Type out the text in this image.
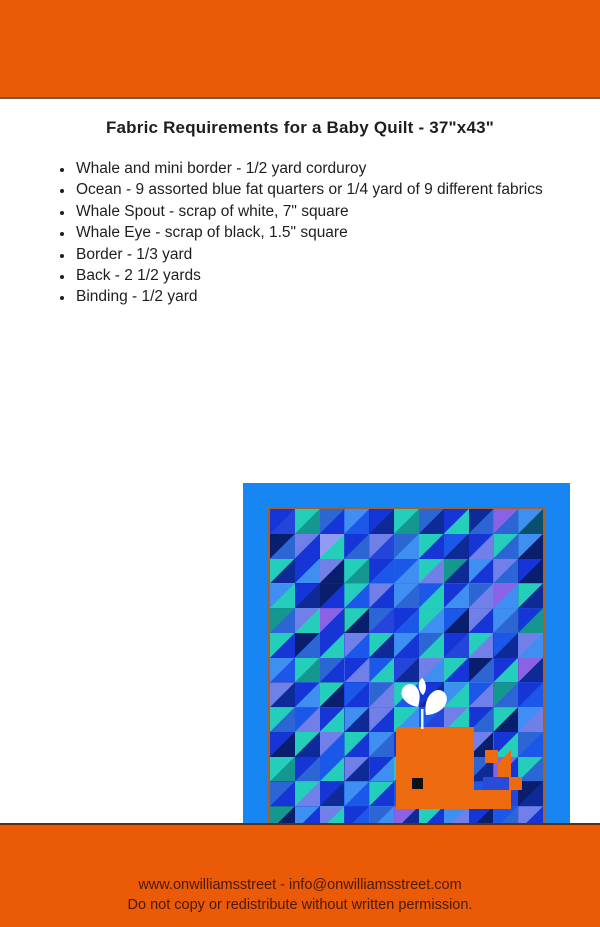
Fabric Requirements for a Baby Quilt - 37"x43"
• Whale and mini border - 1/2 yard corduroy
• Ocean - 9 assorted blue fat quarters or 1/4 yard of 9 different fabrics
• Whale Spout - scrap of white, 7" square
• Whale Eye - scrap of black, 1.5" square
• Border - 1/3 yard
• Back - 2 1/2 yards
• Binding - 1/2 yard
www.onwilliamsstreet - info@onwilliamsstreet.com
Do not copy or redistribute without written permission.
